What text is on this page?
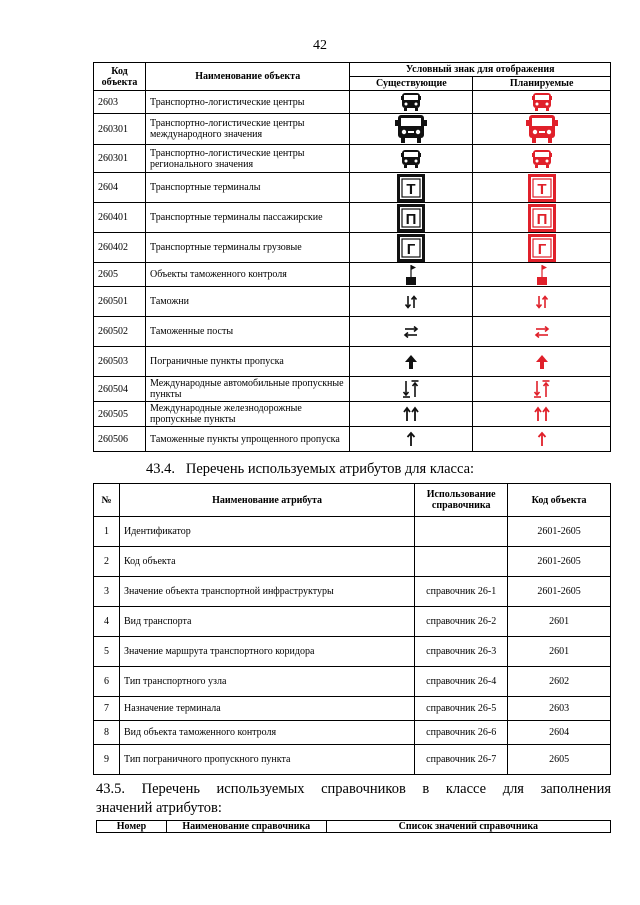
42
Код объекта	Наименование объекта	Условный знак для отображения	
		Существующие	Планируемые
2603	Транспортно-логистические центры	

260301	Транспортно-логистические центры международного значения	

260301	Транспортно-логистические центры регионального значения	

2604	Транспортные терминалы	Т	Т

260401	Транспортные терминалы пассажирские	П	П

260402	Транспортные терминалы грузовые	Г	Г

2605	Объекты таможенного контроля	

260501	Таможни	

260502	Таможенные посты	

260503	Пограничные пункты пропуска	

260504	Международные автомобильные пропускные пункты	

260505	Международные железнодорожные пропускные пункты	

260506	Таможенные пункты упрощенного пропуска	

43.4. Перечень используемых атрибутов для класса:
№	Наименование атрибута	Использование справочника	Код объекта
1	Идентификатор		2601-2605
2	Код объекта		2601-2605
3	Значение объекта транспортной инфраструктуры	справочник 26-1	2601-2605
4	Вид транспорта	справочник 26-2	2601
5	Значение маршрута транспортного коридора	справочник 26-3	2601
6	Тип транспортного узла	справочник 26-4	2602
7	Назначение терминала	справочник 26-5	2603
8	Вид объекта таможенного контроля	справочник 26-6	2604
9	Тип пограничного пропускного пункта	справочник 26-7	2605
43.5. Перечень используемых справочников в классе для заполнения
значений атрибутов:
Номер	Наименование справочника	Список значений справочника
